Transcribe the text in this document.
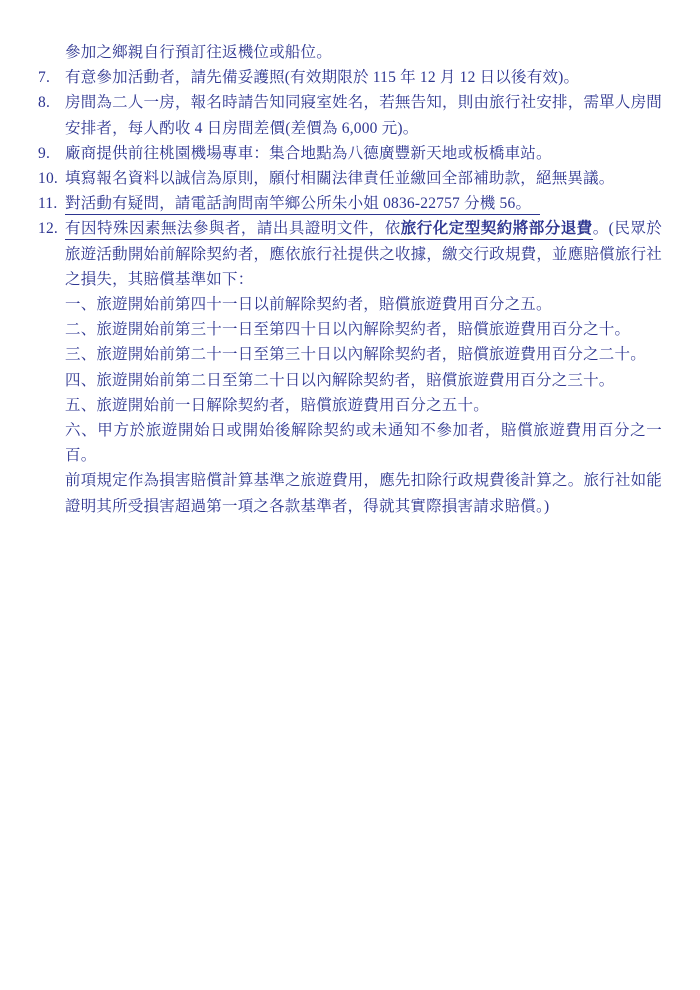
參加之鄉親自行預訂往返機位或船位。
7. 有意參加活動者，請先備妥護照(有效期限於 115 年 12 月 12 日以後有效)。
8. 房間為二人一房，報名時請告知同寢室姓名，若無告知，則由旅行社安排，需單人房間安排者，每人酌收 4 日房間差價(差價為 6,000 元)。
9. 廠商提供前往桃園機場專車：集合地點為八德廣豐新天地或板橋車站。
10. 填寫報名資料以誠信為原則，願付相關法律責任並繳回全部補助款，絕無異議。
11. 對活動有疑問，請電話詢問南竿鄉公所朱小姐 0836-22757 分機 56。
12. 有因特殊因素無法參與者，請出具證明文件，依旅行化定型契約將部分退費。(民眾於旅遊活動開始前解除契約者，應依旅行社提供之收據，繳交行政規費，並應賠償旅行社之損失，其賠償基準如下：
一、旅遊開始前第四十一日以前解除契約者，賠償旅遊費用百分之五。
二、旅遊開始前第三十一日至第四十日以內解除契約者，賠償旅遊費用百分之十。
三、旅遊開始前第二十一日至第三十日以內解除契約者，賠償旅遊費用百分之二十。
四、旅遊開始前第二日至第二十日以內解除契約者，賠償旅遊費用百分之三十。
五、旅遊開始前一日解除契約者，賠償旅遊費用百分之五十。
六、甲方於旅遊開始日或開始後解除契約或未通知不參加者，賠償旅遊費用百分之一百。
前項規定作為損害賠償計算基準之旅遊費用，應先扣除行政規費後計算之。旅行社如能證明其所受損害超過第一項之各款基準者，得就其實際損害請求賠償。)
